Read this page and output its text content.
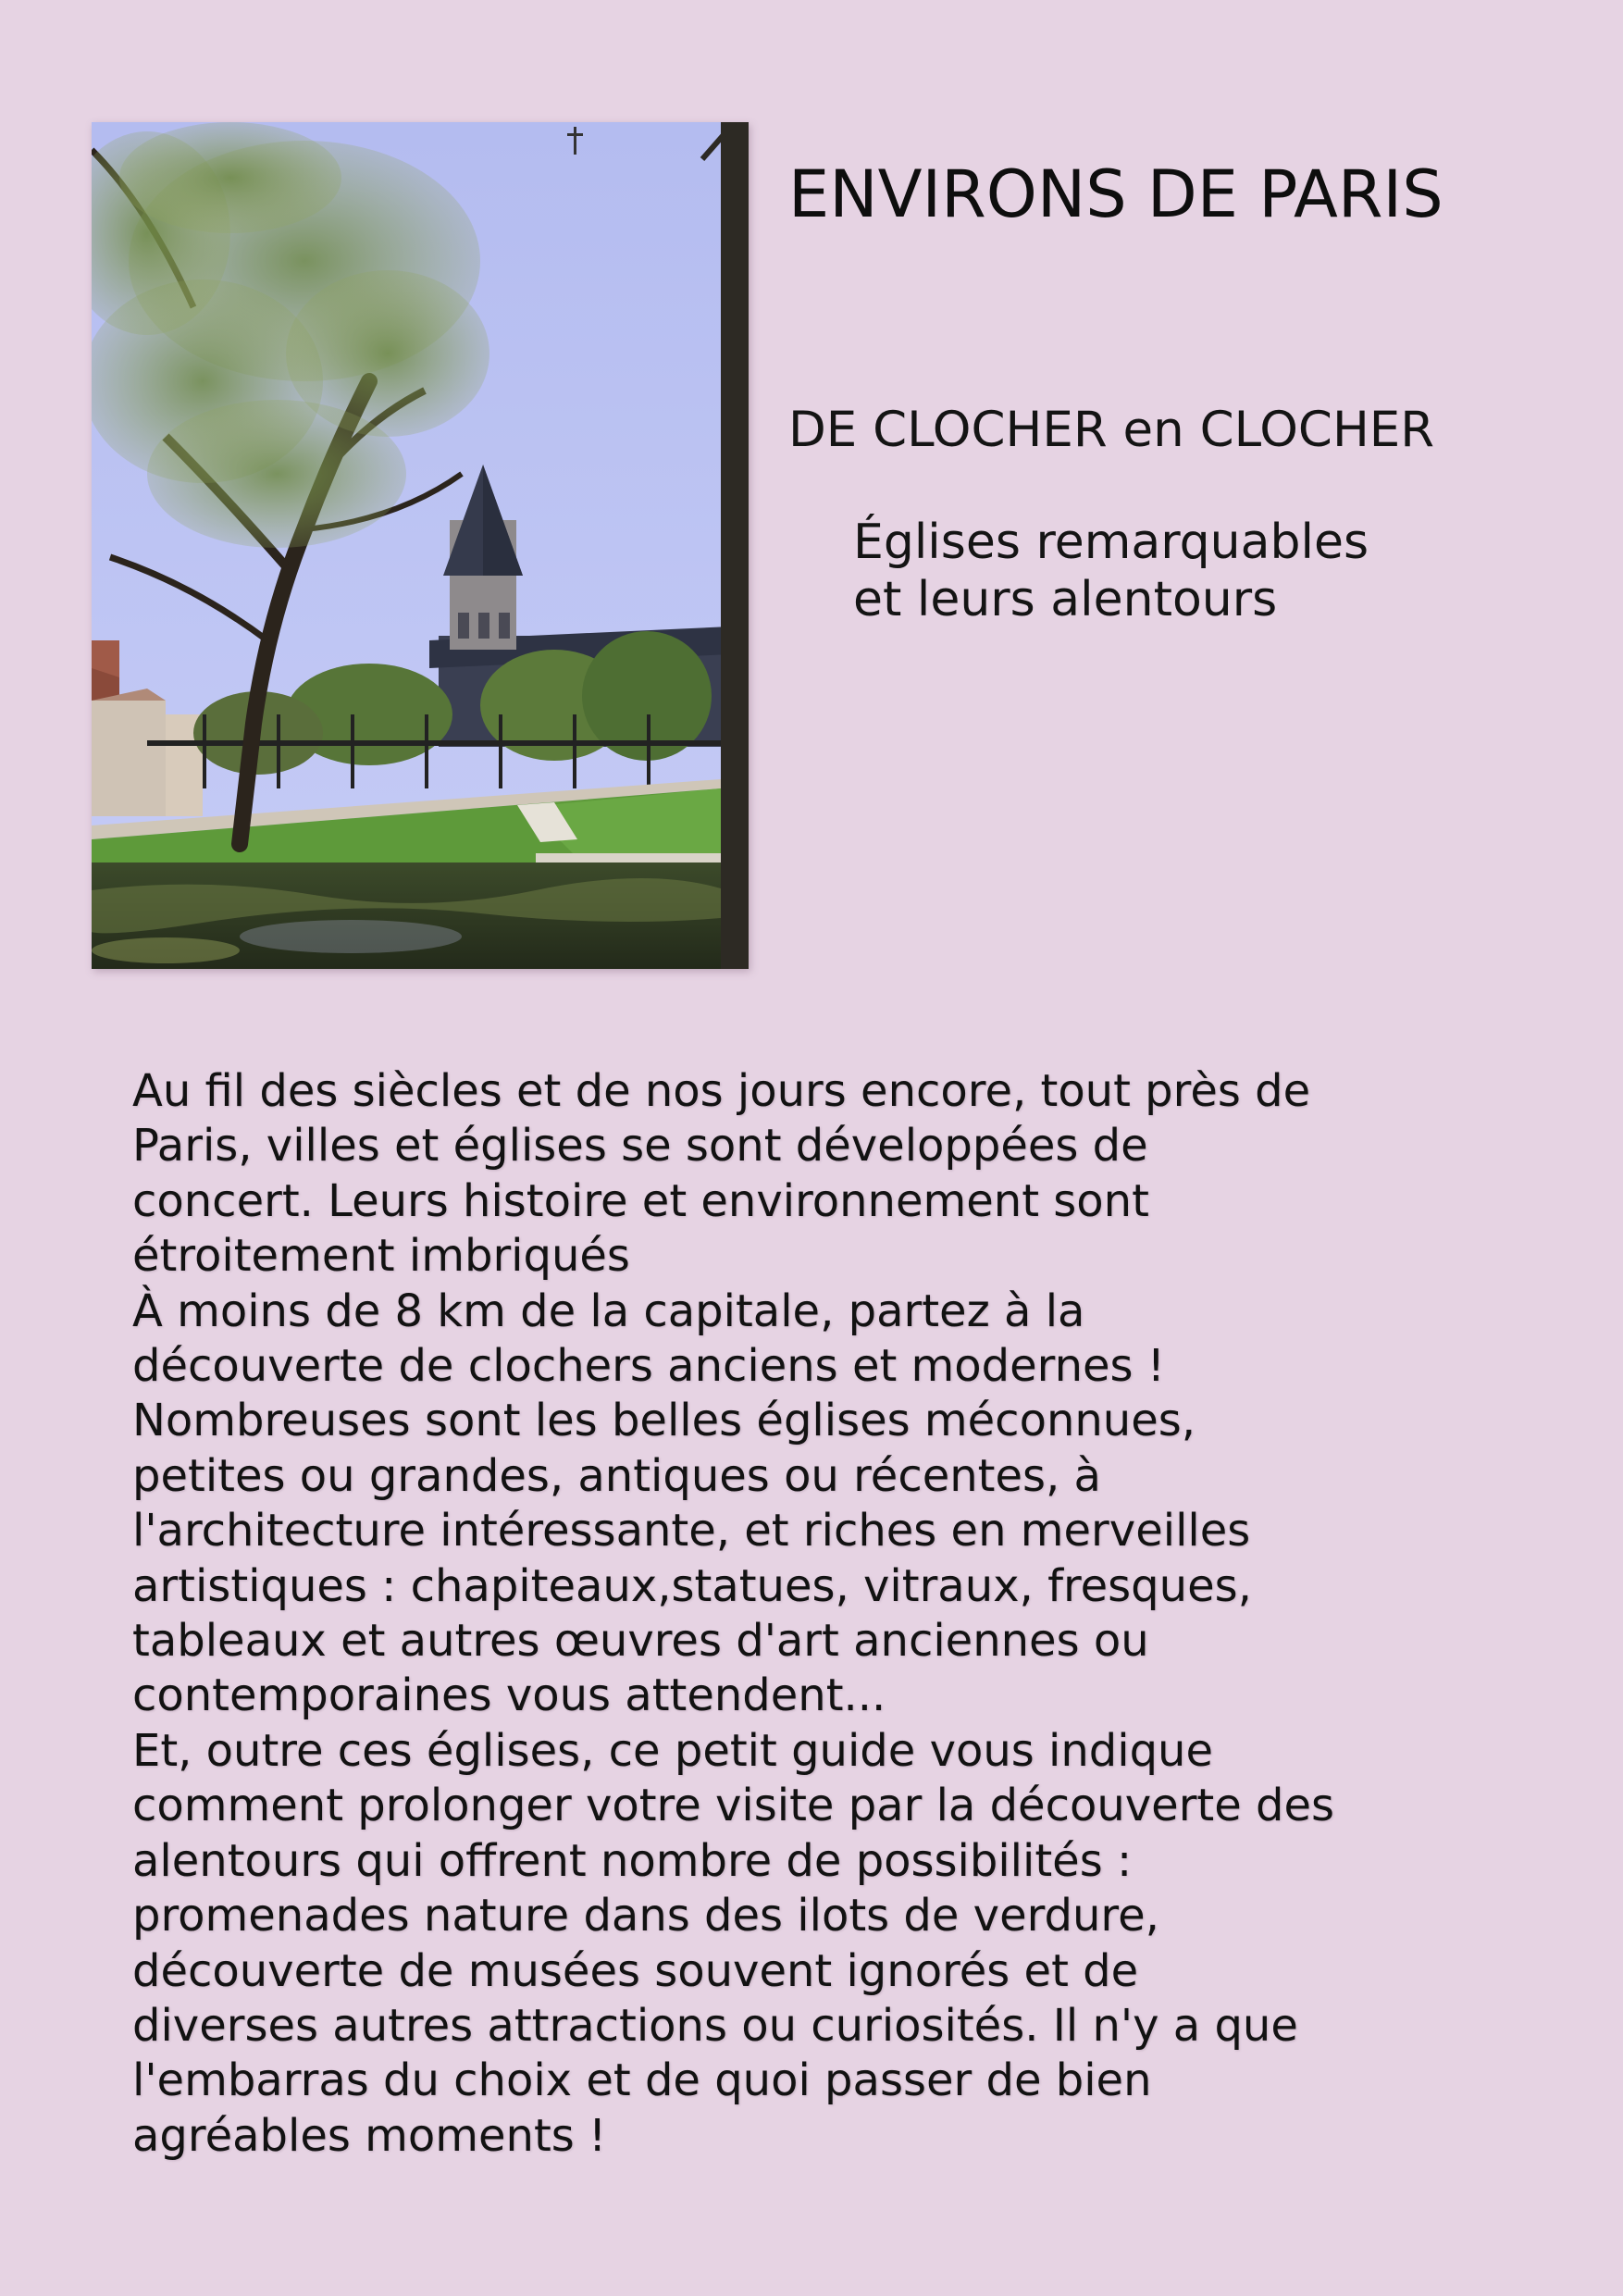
ENVIRONS DE PARIS
DE CLOCHER en CLOCHER
Églises remarquables
et leurs alentours
Au fil des siècles et de nos jours encore, tout près de
Paris, villes et églises se sont développées de
concert. Leurs histoire et environnement sont
étroitement imbriqués
À moins de 8 km de la capitale, partez à la
découverte de clochers anciens et modernes !
Nombreuses sont les belles églises méconnues,
petites ou grandes, antiques ou récentes, à
l'architecture intéressante, et riches en merveilles
artistiques : chapiteaux,statues, vitraux, fresques,
tableaux et autres œuvres d'art anciennes ou
contemporaines vous attendent...
Et, outre ces églises, ce petit guide vous indique
comment prolonger votre visite par la découverte des
alentours qui offrent nombre de possibilités :
promenades nature dans des ilots de verdure,
découverte de musées souvent ignorés et de
diverses autres attractions ou curiosités. Il n'y a que
l'embarras du choix et de quoi passer de bien
agréables moments !
